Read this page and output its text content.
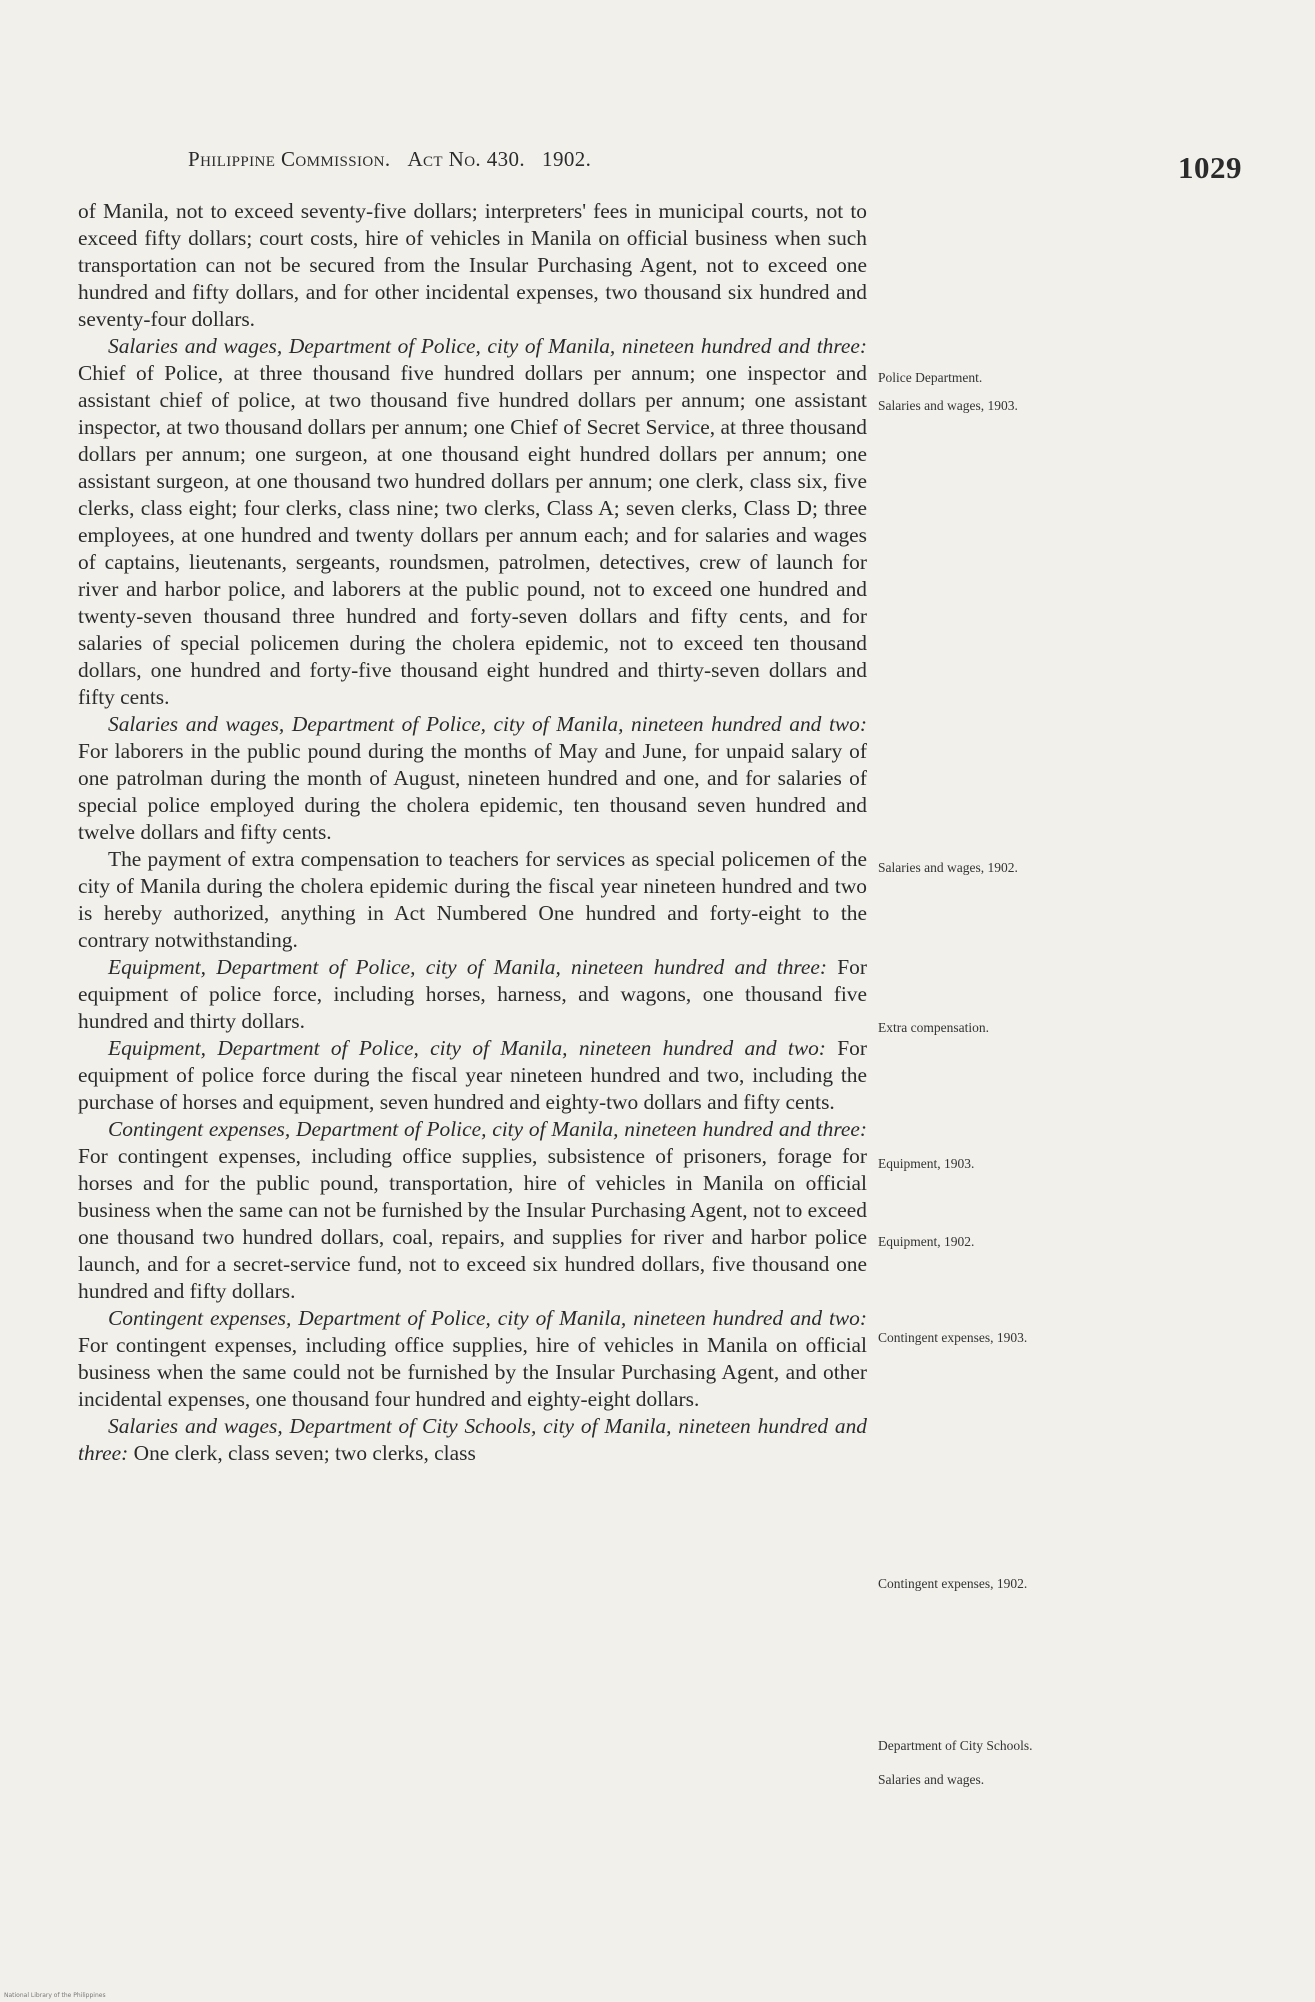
Philippine Commission. Act No. 430. 1902.	1029

of Manila, not to exceed seventy-five dollars; interpreters' fees in municipal courts, not to exceed fifty dollars; court costs, hire of vehicles in Manila on official business when such transportation can not be secured from the Insular Purchasing Agent, not to exceed one hundred and fifty dollars, and for other incidental expenses, two thousand six hundred and seventy-four dollars.

Salaries and wages, Department of Police, city of Manila, nineteen hundred and three: Chief of Police, at three thousand five hundred dollars per annum; one inspector and assistant chief of police, at two thousand five hundred dollars per annum; one assistant inspector, at two thousand dollars per annum; one Chief of Secret Service, at three thousand dollars per annum; one surgeon, at one thousand eight hundred dollars per annum; one assistant surgeon, at one thousand two hundred dollars per annum; one clerk, class six, five clerks, class eight; four clerks, class nine; two clerks, Class A; seven clerks, Class D; three employees, at one hundred and twenty dollars per annum each; and for salaries and wages of captains, lieutenants, sergeants, roundsmen, patrolmen, detectives, crew of launch for river and harbor police, and laborers at the public pound, not to exceed one hundred and twenty-seven thousand three hundred and forty-seven dollars and fifty cents, and for salaries of special policemen during the cholera epidemic, not to exceed ten thousand dollars, one hundred and forty-five thousand eight hundred and thirty-seven dollars and fifty cents.

Salaries and wages, Department of Police, city of Manila, nineteen hundred and two: For laborers in the public pound during the months of May and June, for unpaid salary of one patrolman during the month of August, nineteen hundred and one, and for salaries of special police employed during the cholera epidemic, ten thousand seven hundred and twelve dollars and fifty cents.

The payment of extra compensation to teachers for services as special policemen of the city of Manila during the cholera epidemic during the fiscal year nineteen hundred and two is hereby authorized, anything in Act Numbered One hundred and forty-eight to the contrary notwithstanding.

Equipment, Department of Police, city of Manila, nineteen hundred and three: For equipment of police force, including horses, harness, and wagons, one thousand five hundred and thirty dollars.

Equipment, Department of Police, city of Manila, nineteen hundred and two: For equipment of police force during the fiscal year nineteen hundred and two, including the purchase of horses and equipment, seven hundred and eighty-two dollars and fifty cents.

Contingent expenses, Department of Police, city of Manila, nineteen hundred and three: For contingent expenses, including office supplies, subsistence of prisoners, forage for horses and for the public pound, transportation, hire of vehicles in Manila on official business when the same can not be furnished by the Insular Purchasing Agent, not to exceed one thousand two hundred dollars, coal, repairs, and supplies for river and harbor police launch, and for a secret-service fund, not to exceed six hundred dollars, five thousand one hundred and fifty dollars.

Contingent expenses, Department of Police, city of Manila, nineteen hundred and two: For contingent expenses, including office supplies, hire of vehicles in Manila on official business when the same could not be furnished by the Insular Purchasing Agent, and other incidental expenses, one thousand four hundred and eighty-eight dollars.

Salaries and wages, Department of City Schools, city of Manila, nineteen hundred and three: One clerk, class seven; two clerks, class

Police Department.
Salaries and wages, 1903.
Salaries and wages, 1902.
Extra compensation.
Equipment, 1903.
Equipment, 1902.
Contingent expenses, 1903.
Contingent expenses, 1902.
Department of City Schools.
Salaries and wages.
National Library of the Philippines
